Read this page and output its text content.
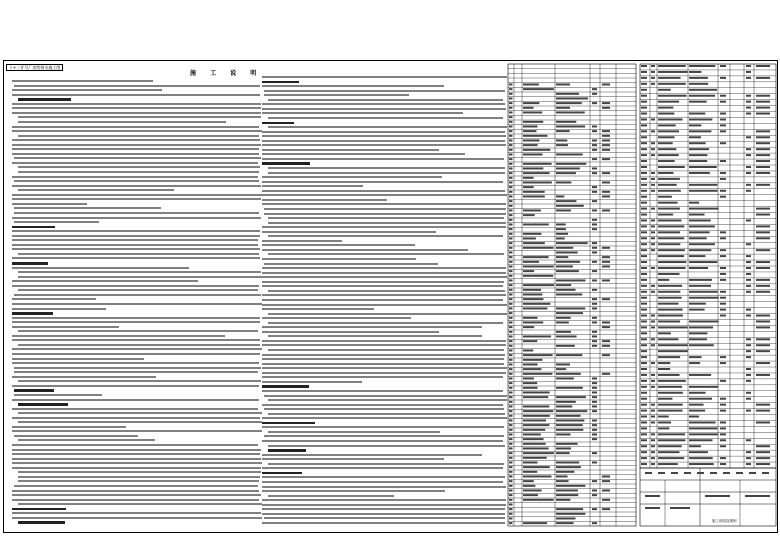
十+二仟号厂房给排水施工图
施 工 说 明
施工说明及图例
